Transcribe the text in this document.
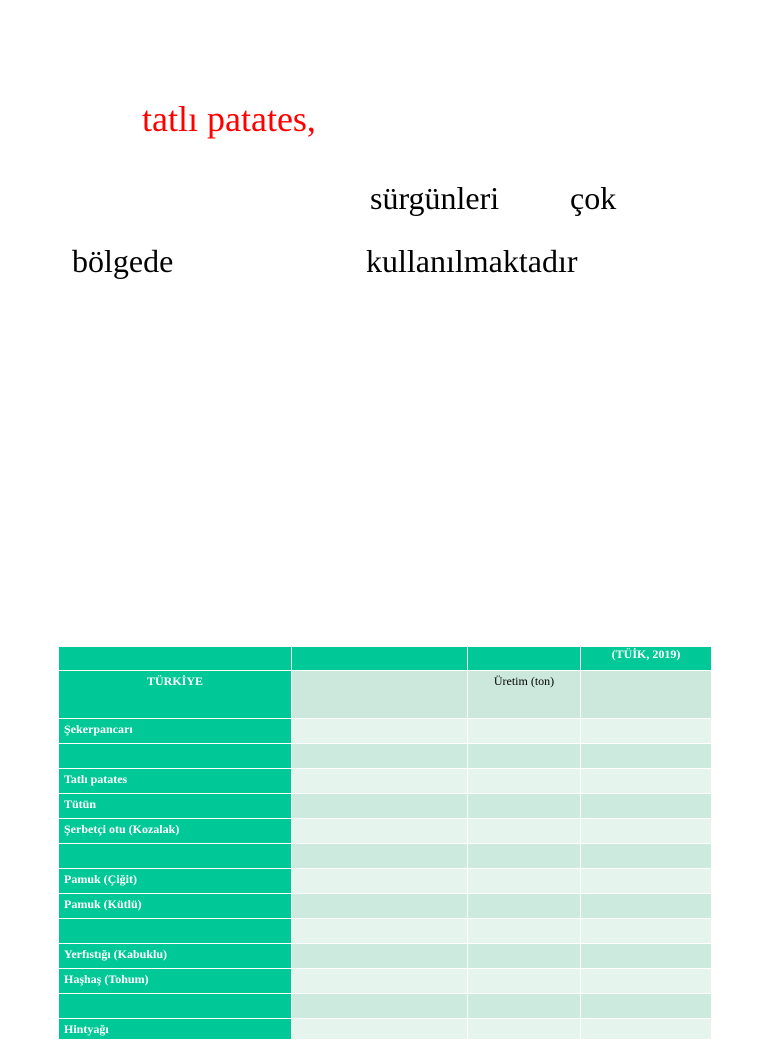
tatlı patates,
sürgünleri çok
bölgede	kullanılmaktadır
			(TÜİK, 2019)
TÜRKİYE		Üretim (ton)	
Şekerpancarı			

Tatlı patates			
Tütün			
Şerbetçi otu (Kozalak)			

Pamuk (Çiğit)			
Pamuk (Kütlü)			

Yerfıstığı (Kabuklu)			
Haşhaş (Tohum)			

Hintyağı			
